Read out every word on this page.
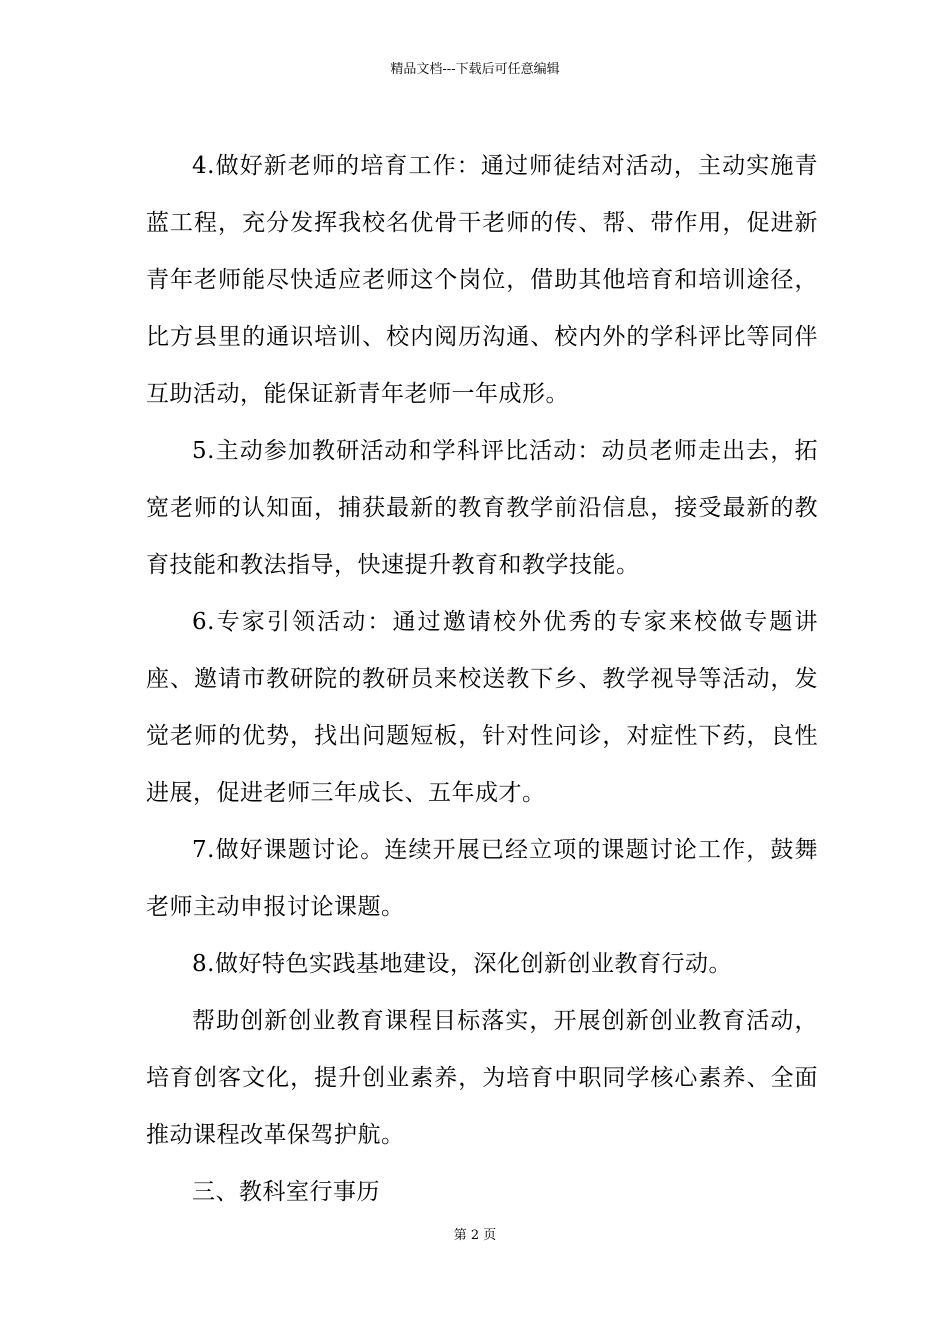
精品文档---下载后可任意编辑

4.做好新老师的培育工作：通过师徒结对活动，主动实施青蓝工程，充分发挥我校名优骨干老师的传、帮、带作用，促进新青年老师能尽快适应老师这个岗位，借助其他培育和培训途径，比方县里的通识培训、校内阅历沟通、校内外的学科评比等同伴互助活动，能保证新青年老师一年成形。

5.主动参加教研活动和学科评比活动：动员老师走出去，拓宽老师的认知面，捕获最新的教育教学前沿信息，接受最新的教育技能和教法指导，快速提升教育和教学技能。

6.专家引领活动：通过邀请校外优秀的专家来校做专题讲座、邀请市教研院的教研员来校送教下乡、教学视导等活动，发觉老师的优势，找出问题短板，针对性问诊，对症性下药，良性进展，促进老师三年成长、五年成才。

7.做好课题讨论。连续开展已经立项的课题讨论工作，鼓舞老师主动申报讨论课题。

8.做好特色实践基地建设，深化创新创业教育行动。

帮助创新创业教育课程目标落实，开展创新创业教育活动，培育创客文化，提升创业素养，为培育中职同学核心素养、全面推动课程改革保驾护航。

三、教科室行事历

第 2 页
